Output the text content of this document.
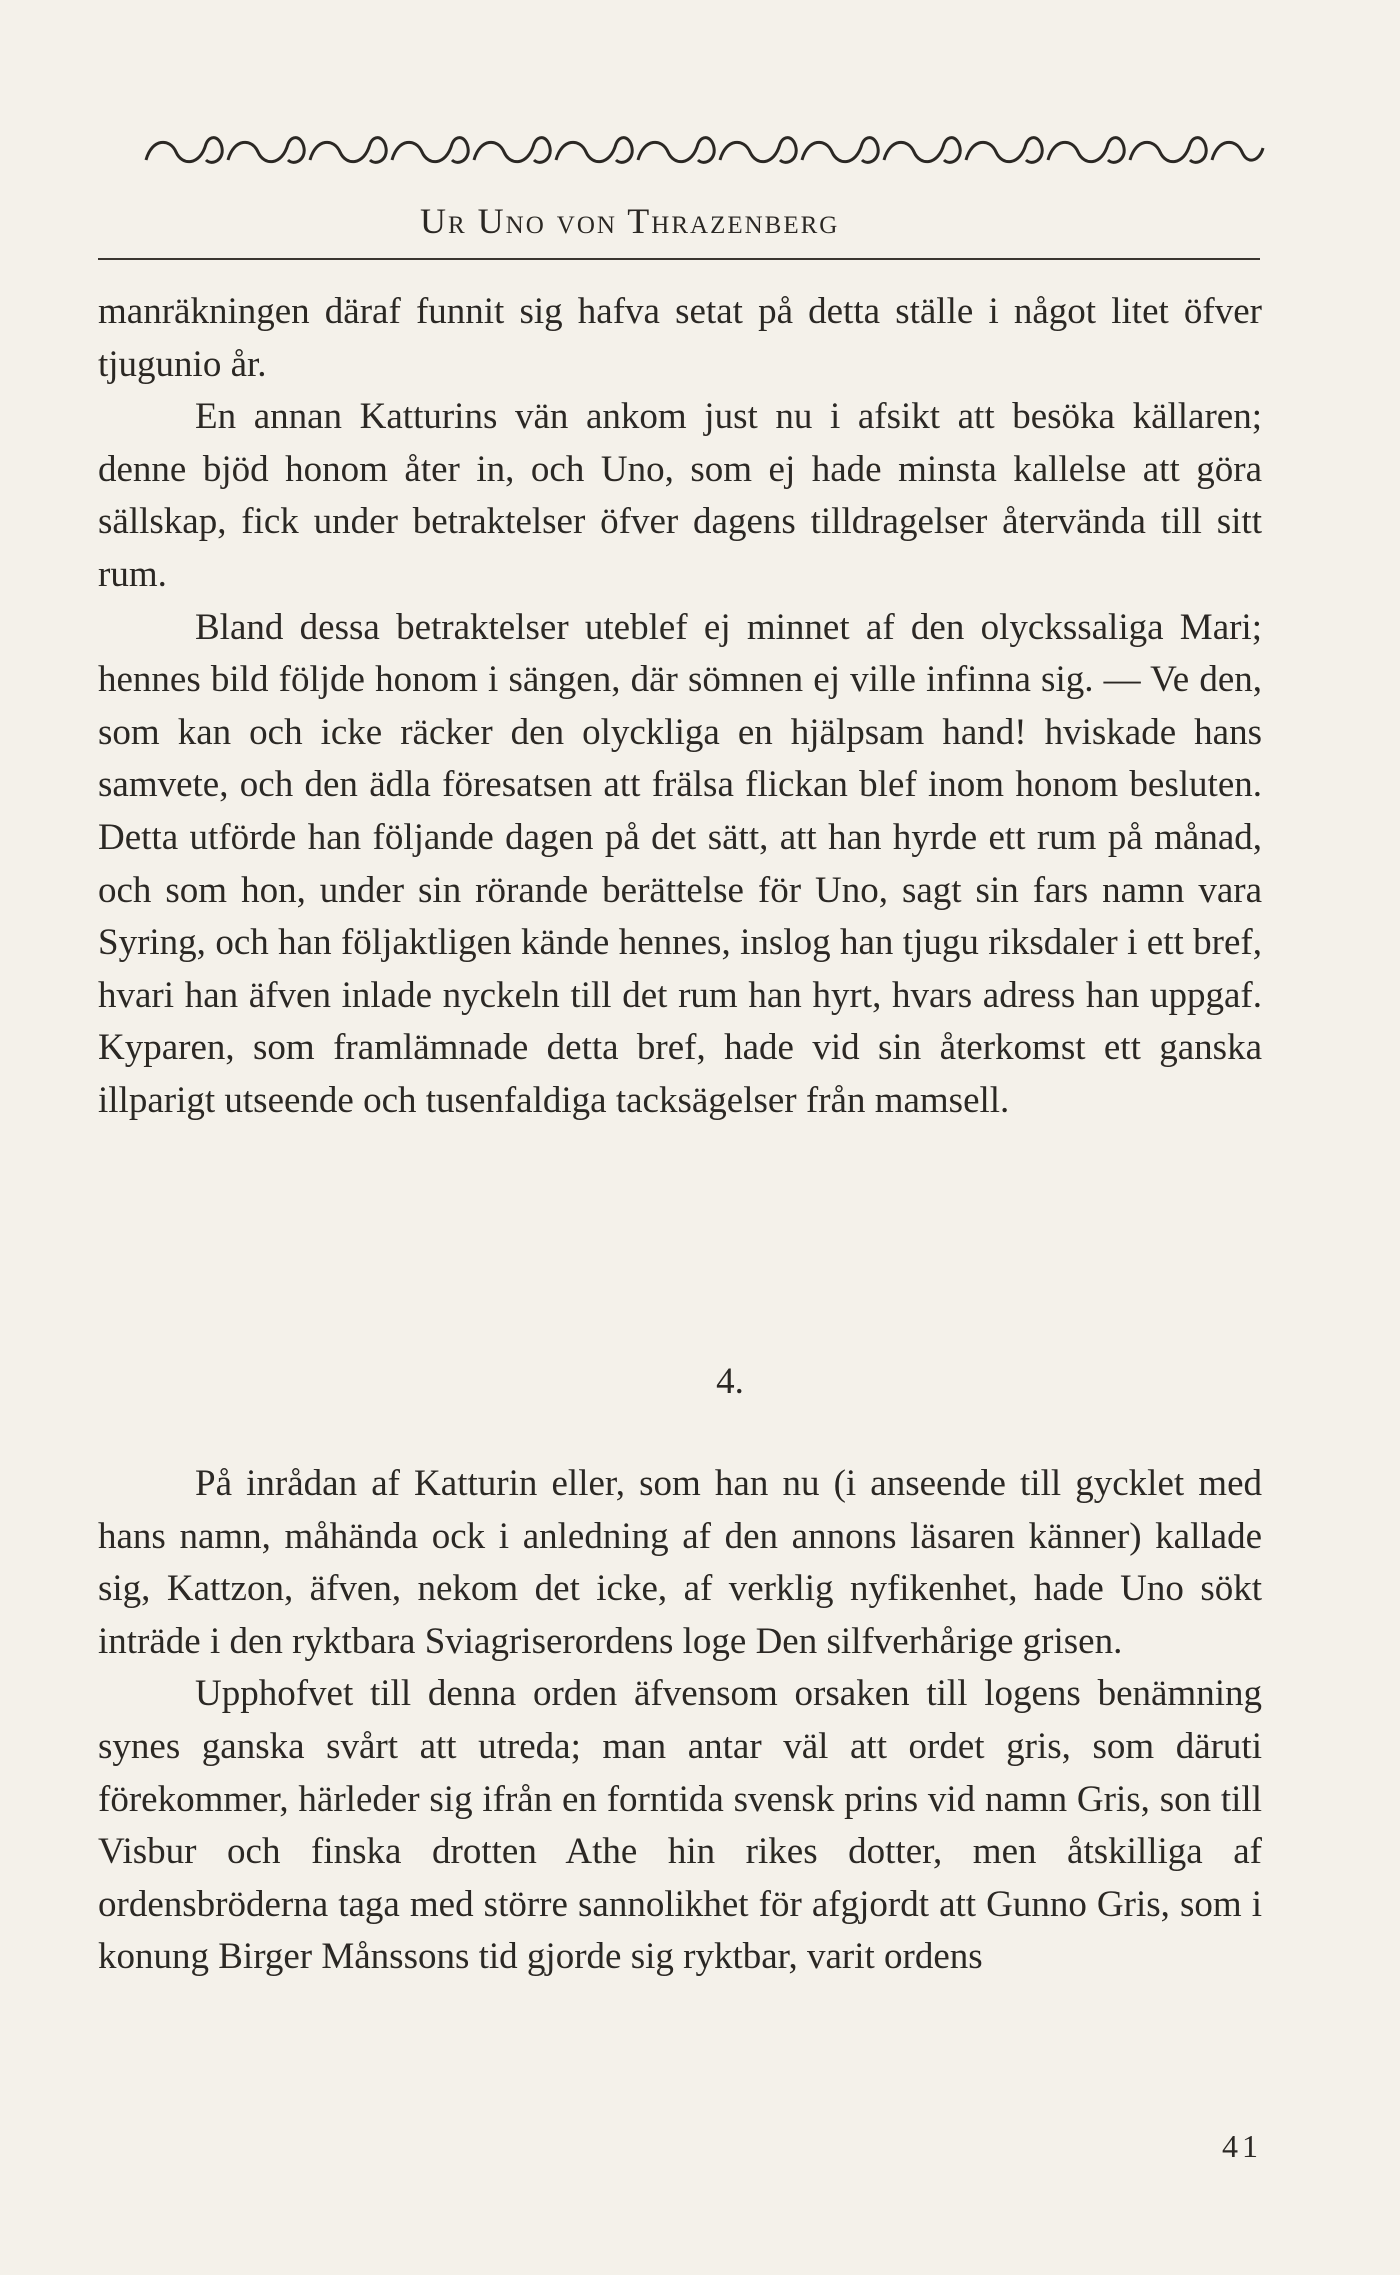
Ur Uno von Thrazenberg

manräkningen däraf funnit sig hafva setat på detta ställe i något litet öfver tjugunio år.

En annan Katturins vän ankom just nu i afsikt att besöka källaren; denne bjöd honom åter in, och Uno, som ej hade minsta kallelse att göra sällskap, fick under betraktelser öfver dagens tilldragelser återvända till sitt rum.

Bland dessa betraktelser uteblef ej minnet af den olyckssaliga Mari; hennes bild följde honom i sängen, där sömnen ej ville infinna sig. — Ve den, som kan och icke räcker den olyckliga en hjälpsam hand! hviskade hans samvete, och den ädla föresatsen att frälsa flickan blef inom honom besluten. Detta utförde han följande dagen på det sätt, att han hyrde ett rum på månad, och som hon, under sin rörande berättelse för Uno, sagt sin fars namn vara Syring, och han följaktligen kände hennes, inslog han tjugu riksdaler i ett bref, hvari han äfven inlade nyckeln till det rum han hyrt, hvars adress han uppgaf. Kyparen, som framlämnade detta bref, hade vid sin återkomst ett ganska illparigt utseende och tusenfaldiga tacksägelser från mamsell.

4.

På inrådan af Katturin eller, som han nu (i anseende till gycklet med hans namn, måhända ock i anledning af den annons läsaren känner) kallade sig, Kattzon, äfven, nekom det icke, af verklig nyfikenhet, hade Uno sökt inträde i den ryktbara Sviagriserordens loge Den silfverhårige grisen.

Upphofvet till denna orden äfvensom orsaken till logens benämning synes ganska svårt att utreda; man antar väl att ordet gris, som däruti förekommer, härleder sig ifrån en forntida svensk prins vid namn Gris, son till Visbur och finska drotten Athe hin rikes dotter, men åtskilliga af ordensbröderna taga med större sannolikhet för afgjordt att Gunno Gris, som i konung Birger Månssons tid gjorde sig ryktbar, varit ordens

41
